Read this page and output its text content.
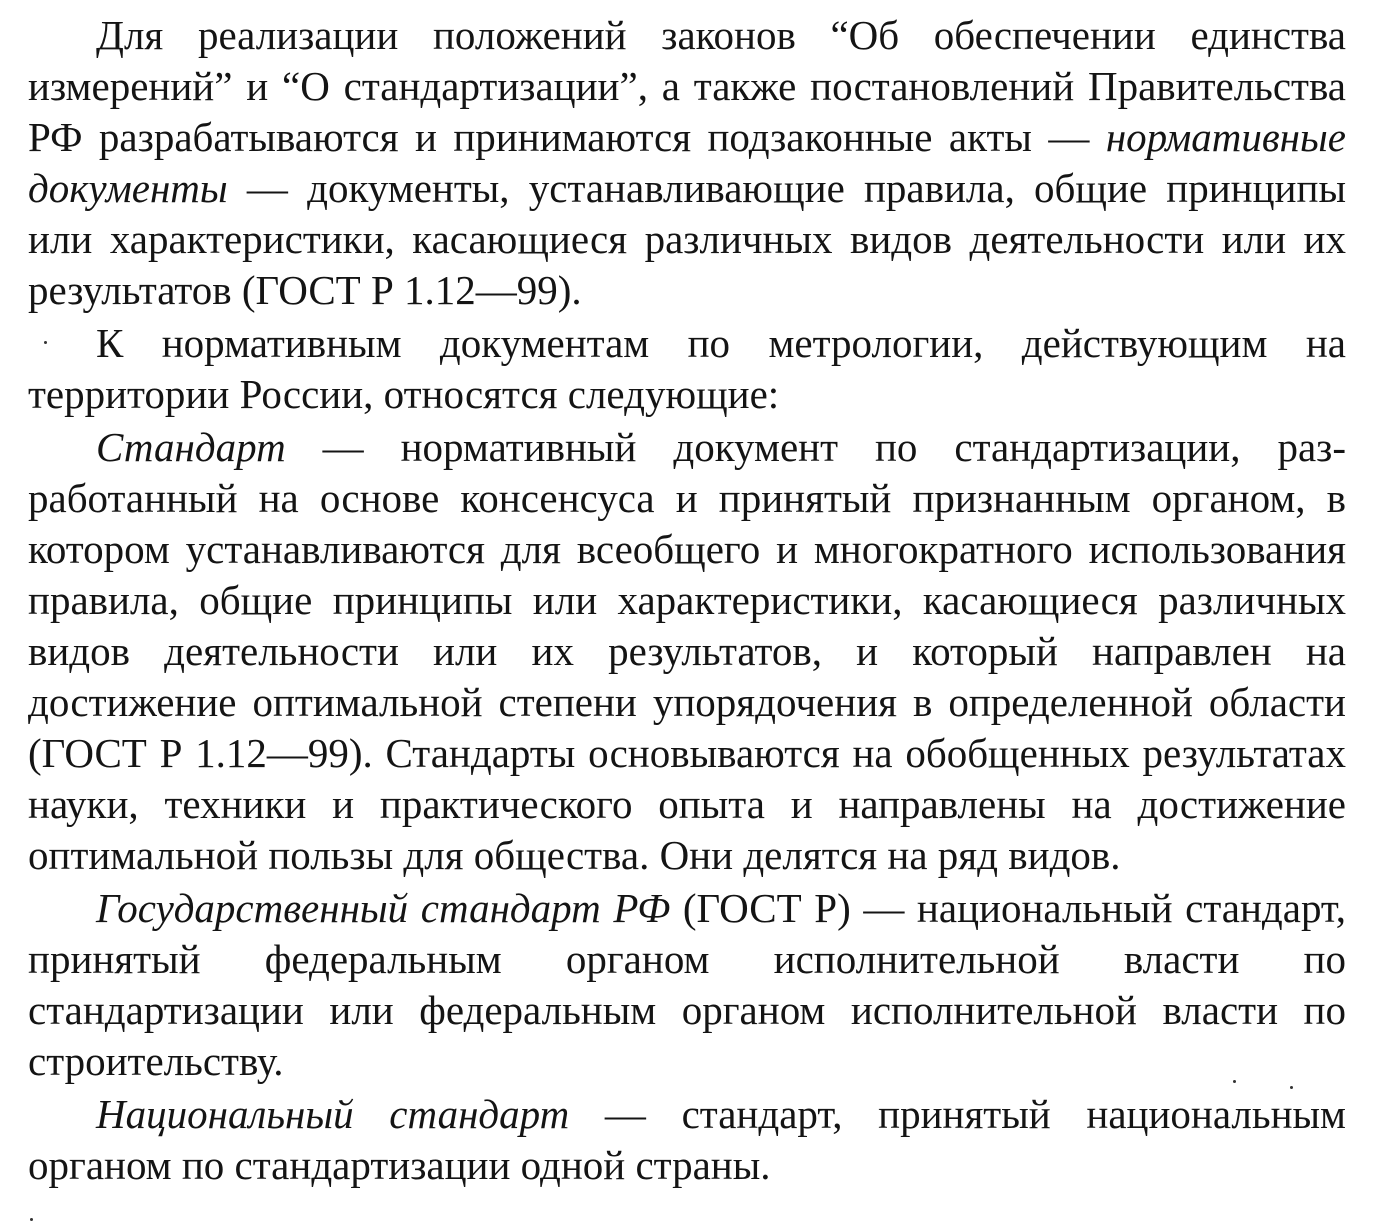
Для реализации положений законов “Об обеспечении единства измерений” и “О стандартизации”, а также постановлений Правительства РФ разрабатываются и принимаются подзаконные акты — нормативные документы — документы, устанавливающие правила, общие принципы или характеристики, касающиеся различных видов деятельности или их результатов (ГОСТ Р 1.12—99).

К нормативным документам по метрологии, действующим на территории России, относятся следующие:

Стандарт — нормативный документ по стандартизации, разработанный на основе консенсуса и принятый признанным органом, в котором устанавливаются для всеобщего и многократного использования правила, общие принципы или характеристики, касающиеся различных видов деятельности или их результатов, и который направлен на достижение оптимальной степени упорядочения в определенной области (ГОСТ Р 1.12—99). Стандарты основываются на обобщенных результатах науки, техники и практического опыта и направлены на достижение оптимальной пользы для общества. Они делятся на ряд видов.

Государственный стандарт РФ (ГОСТ Р) — национальный стандарт, принятый федеральным органом исполнительной власти по стандартизации или федеральным органом исполнительной власти по строительству.

Национальный стандарт — стандарт, принятый национальным органом по стандартизации одной страны.
